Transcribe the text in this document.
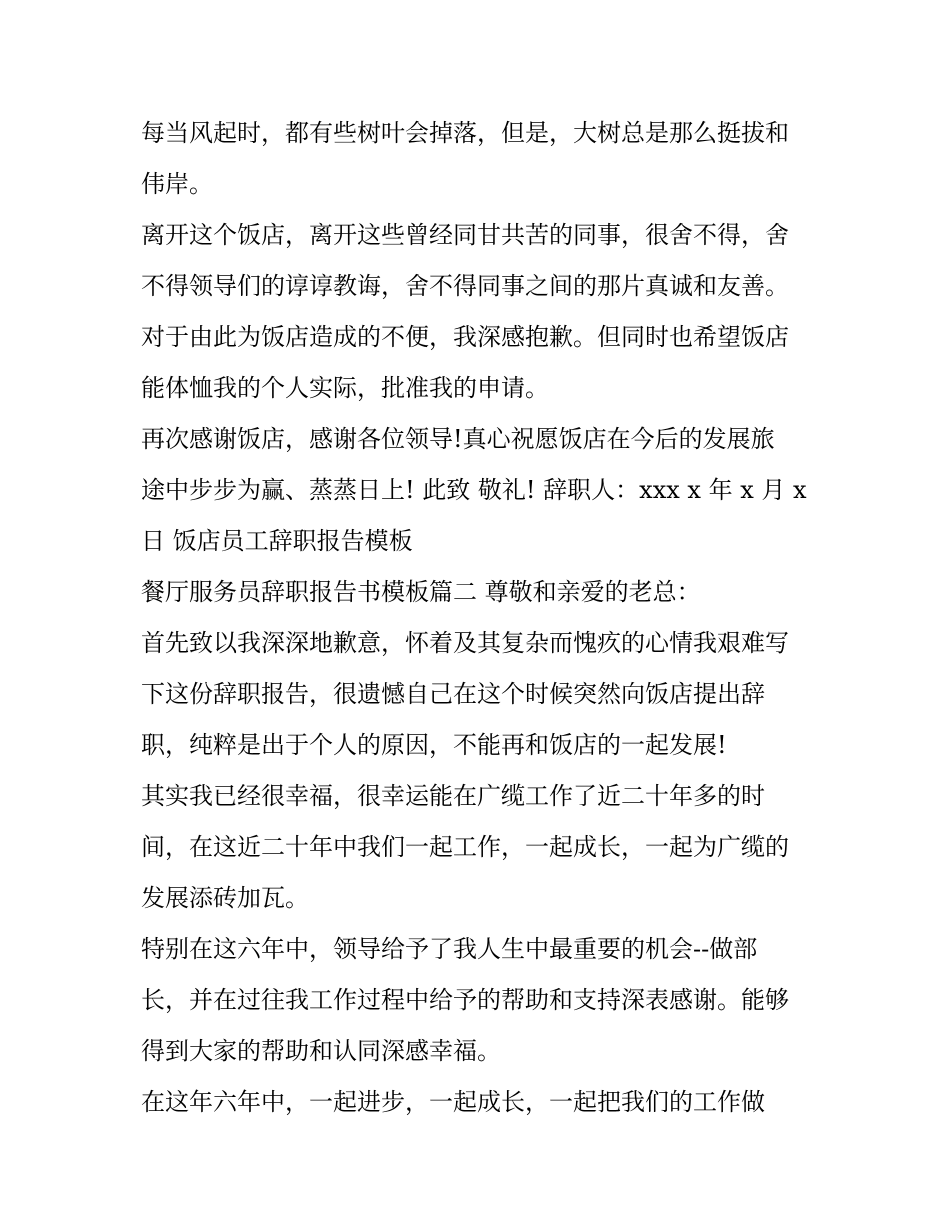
每当风起时，都有些树叶会掉落，但是，大树总是那么挺拔和
伟岸。
离开这个饭店，离开这些曾经同甘共苦的同事，很舍不得，舍
不得领导们的谆谆教诲，舍不得同事之间的那片真诚和友善。
对于由此为饭店造成的不便，我深感抱歉。但同时也希望饭店
能体恤我的个人实际，批准我的申请。
再次感谢饭店，感谢各位领导!真心祝愿饭店在今后的发展旅
途中步步为赢、蒸蒸日上! 此致 敬礼! 辞职人：xxx x 年 x 月 x
日 饭店员工辞职报告模板
餐厅服务员辞职报告书模板篇二 尊敬和亲爱的老总：
首先致以我深深地歉意，怀着及其复杂而愧疚的心情我艰难写
下这份辞职报告，很遗憾自己在这个时候突然向饭店提出辞
职，纯粹是出于个人的原因，不能再和饭店的一起发展!
其实我已经很幸福，很幸运能在广缆工作了近二十年多的时
间，在这近二十年中我们一起工作，一起成长，一起为广缆的
发展添砖加瓦。
特别在这六年中，领导给予了我人生中最重要的机会--做部
长，并在过往我工作过程中给予的帮助和支持深表感谢。能够
得到大家的帮助和认同深感幸福。
在这年六年中，一起进步，一起成长，一起把我们的工作做
